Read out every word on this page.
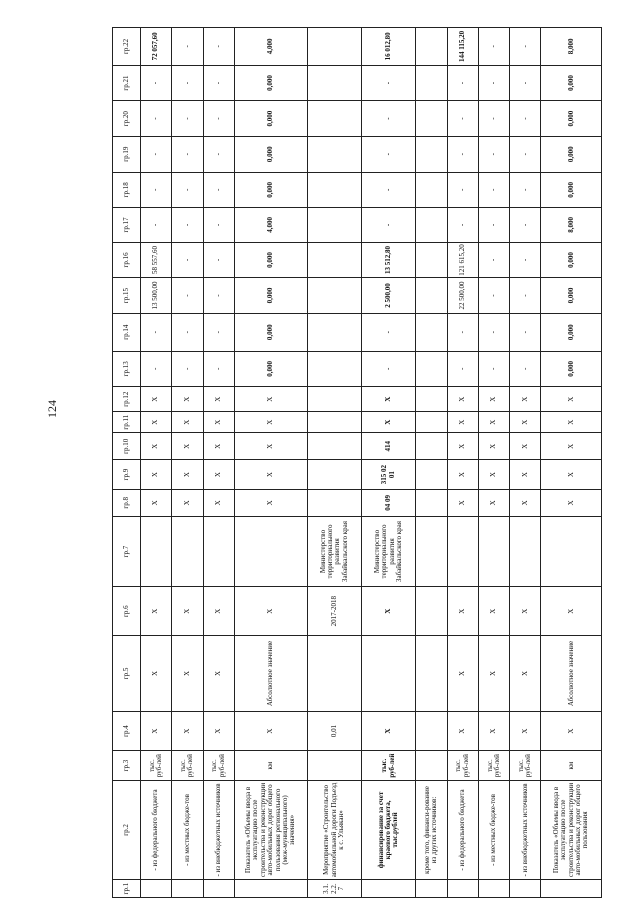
124
гр.1	гр.2	гр.3	гр.4	гр.5	гр.6	гр.7	гр.8	гр.9	гр.10	гр.11	гр.12	гр.13	гр.14	гр.15	гр.16	гр.17	гр.18	гр.19	гр.20	гр.21	гр.22
	- из федерального бюджета	тыс. руб-лей	X	X	X		X	X	X	X	X	-	-	13 500,00	58 557,60	-	-	-	-	-	72 057,60
	- из местных бюдже-тов	тыс. руб-лей	X	X	X		X	X	X	X	X	-	-	-	-	-	-	-	-	-	-
	- из внебюджетных источников	тыс. руб-лей	X	X	X		X	X	X	X	X	-	-	-	-	-	-	-	-	-	-
	Показатель «Объемы ввода в эксплуатацию после строительства и реконструкции авто-мобильных дорог общего пользования регионального (меж-муниципального) значения»	км	X	Абсолютное значение	X		X	X	X	X	X	0,000	0,000	0,000	0,000	4,000	0,000	0,000	0,000	0,000	4,000
3.1.2.2.7	Мероприятие «Строительство автомобильной дороги Подъезд к с. Ульякан»		0,01		2017-2018	Министерство территориального развития Забайкальского края															
	финансирование за счет краевого бюджета, тыс.рублей	тыс. руб-лей	X		X	Министерство территориального развития Забайкальского края	04 09	315 02 01	414	X	X	-	-	2 500,00	13 512,80	-	-	-	-	-	16 012,80
	кроме того, финанси-рование из других источников:																				
	- из федерального бюджета	тыс. руб-лей	X	X	X		X	X	X	X	X	-	-	22 500,00	121 615,20	-	-	-	-	-	144 115,20
	- из местных бюдже-тов	тыс. руб-лей	X	X	X		X	X	X	X	X	-	-	-	-	-	-	-	-	-	-
	- из внебюджетных источников	тыс. руб-лей	X	X	X		X	X	X	X	X	-	-	-	-	-	-	-	-	-	-
	Показатель «Объемы ввода в эксплуатацию после строительства и реконструкции авто-мобильных дорог общего пользования	км	X	Абсолютное значение	X		X	X	X	X	X	0,000	0,000	0,000	0,000	8,000	0,000	0,000	0,000	0,000	8,000
